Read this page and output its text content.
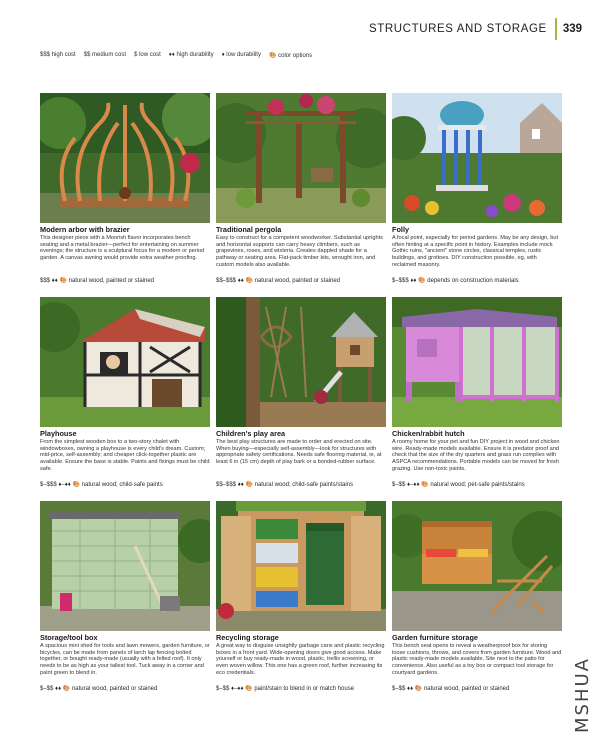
STRUCTURES AND STORAGE 339
$$$ high cost $$ medium cost $ low cost ♦♦ high durability ♦ low durability 🎨 color options
Modern arbor with brazier
This designer piece with a Moorish flavor incorporates bench seating and a metal brazier—perfect for entertaining on summer evenings; the structure is a sculptural focus for a modern or period garden. A canvas awning would provide extra weather proofing.
$$$ ♦♦ 🎨 natural wood, painted or stained
Traditional pergola
Easy to construct for a competent woodworker. Substantial uprights and horizontal supports can carry heavy climbers, such as grapevines, roses, and wisteria. Creates dappled shade for a pathway or seating area. Flat-pack timber kits, wrought iron, and custom models also available.
$$–$$$ ♦♦ 🎨 natural wood, painted or stained
Folly
A focal point, especially for period gardens. May be any design, but often hinting at a specific point in history. Examples include mock Gothic ruins, "ancient" stone circles, classical temples, rustic buildings, and grottoes. DIY construction possible, eg, with reclaimed masonry.
$–$$$ ♦♦ 🎨 depends on construction materials
Playhouse
From the simplest wooden box to a two-story chalet with windowboxes, owning a playhouse is every child's dream. Custom; mid-price, self-assembly; and cheaper click-together plastic are available. Ensure the base is stable. Paints and fixings must be child safe.
$–$$$ ♦–♦♦ 🎨 natural wood; child-safe paints
Children's play area
The best play structures are made to order and erected on site. When buying—especially self-assembly—look for structures with appropriate safety certifications. Needs safe flooring material, ie, at least 6 in (15 cm) depth of play bark or a bonded-rubber surface.
$$–$$$ ♦♦ 🎨 natural wood; child-safe paints/stains
Chicken/rabbit hutch
A roomy home for your pet and fun DIY project in wood and chicken wire. Ready-made models available. Ensure it is predator proof and check that the size of the dry quarters and grass run complies with ASPCA recommendations. Portable models can be moved for fresh grazing. Use non-toxic paints.
$–$$ ♦–♦♦ 🎨 natural wood; pet-safe paints/stains
Storage/tool box
A spacious mini shed for tools and lawn mowers, garden furniture, or bicycles, can be made from panels of larch lap fencing bolted together, or bought ready-made (usually with a felted roof). It only needs to be as high as your tallest tool. Tuck away in a corner and paint green to blend in.
$–$$ ♦♦ 🎨 natural wood, painted or stained
Recycling storage
A great way to disguise unsightly garbage cans and plastic recycling boxes in a front yard. Wide-opening doors give good access. Make yourself or buy ready-made in wood, plastic, trellis screening, or even woven willow. This one has a green roof, further increasing its eco credentials.
$–$$ ♦–♦♦ 🎨 paint/stain to blend in or match house
Garden furniture storage
This bench seat opens to reveal a weatherproof box for storing loose cushions, throws, and covers from garden furniture. Wood and plastic ready-made models available. Site next to the patio for convenience. Also useful as a toy box or compact tool storage for courtyard gardens.
$–$$ ♦♦ 🎨 natural wood, painted or stained	MSHUA
